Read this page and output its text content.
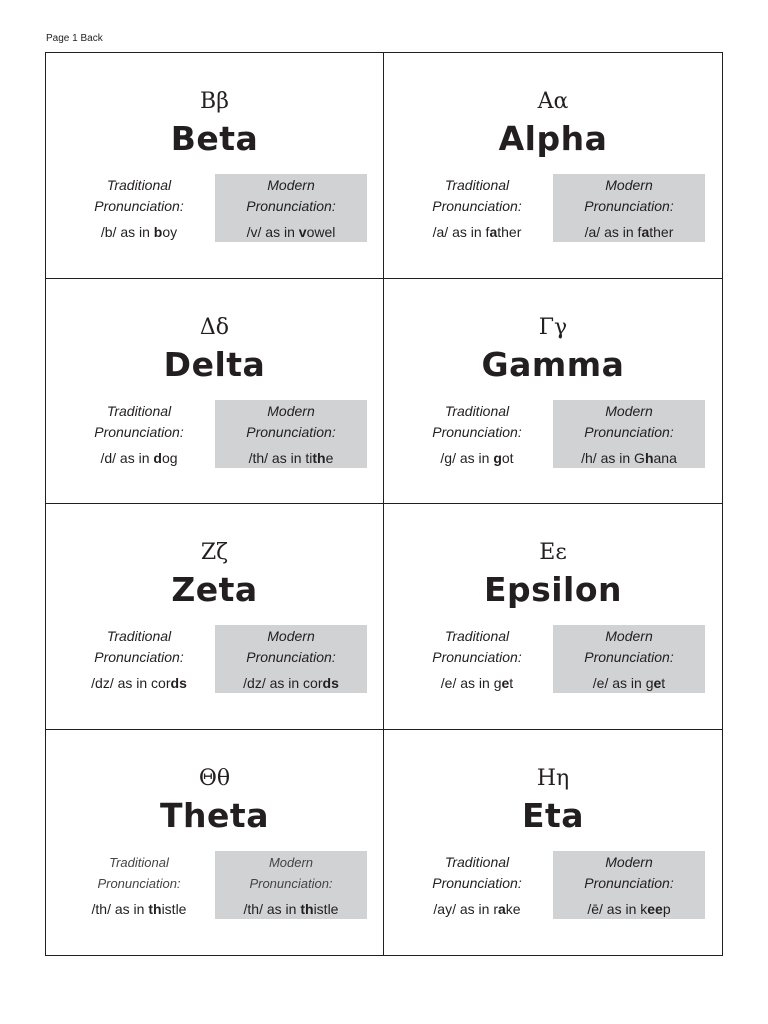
Page 1 Back
Ββ
Beta
Traditional
Pronunciation:
/b/ as in boy
Modern
Pronunciation:
/v/ as in vowel
Αα
Alpha
Traditional
Pronunciation:
/a/ as in father
Modern
Pronunciation:
/a/ as in father
Δδ
Delta
Traditional
Pronunciation:
/d/ as in dog
Modern
Pronunciation:
/th/ as in tithe
Γγ
Gamma
Traditional
Pronunciation:
/g/ as in got
Modern
Pronunciation:
/h/ as in Ghana
Ζζ
Zeta
Traditional
Pronunciation:
/dz/ as in cords
Modern
Pronunciation:
/dz/ as in cords
Εε
Epsilon
Traditional
Pronunciation:
/e/ as in get
Modern
Pronunciation:
/e/ as in get
Θθ
Theta
Traditional
Pronunciation:
/th/ as in thistle
Modern
Pronunciation:
/th/ as in thistle
Ηη
Eta
Traditional
Pronunciation:
/ay/ as in rake
Modern
Pronunciation:
/ē/ as in keep
